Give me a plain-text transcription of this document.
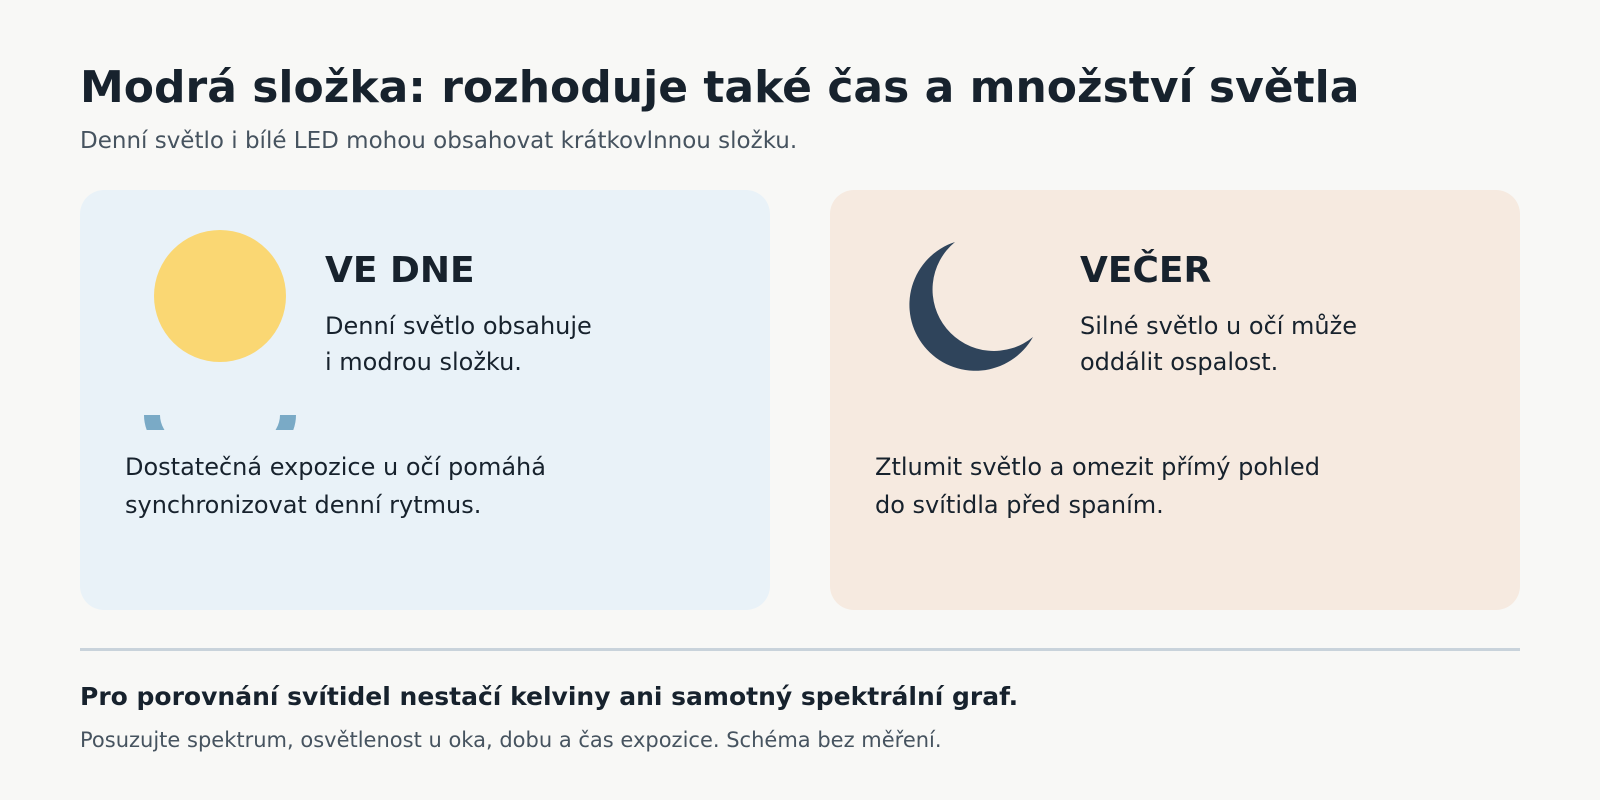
Modrá složka: rozhoduje také čas a množství světla

Denní světlo i bílé LED mohou obsahovat krátkovlnnou složku.

VE DNE
Denní světlo obsahuje
i modrou složku.
Dostatečná expozice u očí pomáhá
synchronizovat denní rytmus.
VEČER
Silné světlo u očí může
oddálit ospalost.
Ztlumit světlo a omezit přímý pohled
do svítidla před spaním.
Pro porovnání svítidel nestačí kelviny ani samotný spektrální graf.
Posuzujte spektrum, osvětlenost u oka, dobu a čas expozice. Schéma bez měření.
